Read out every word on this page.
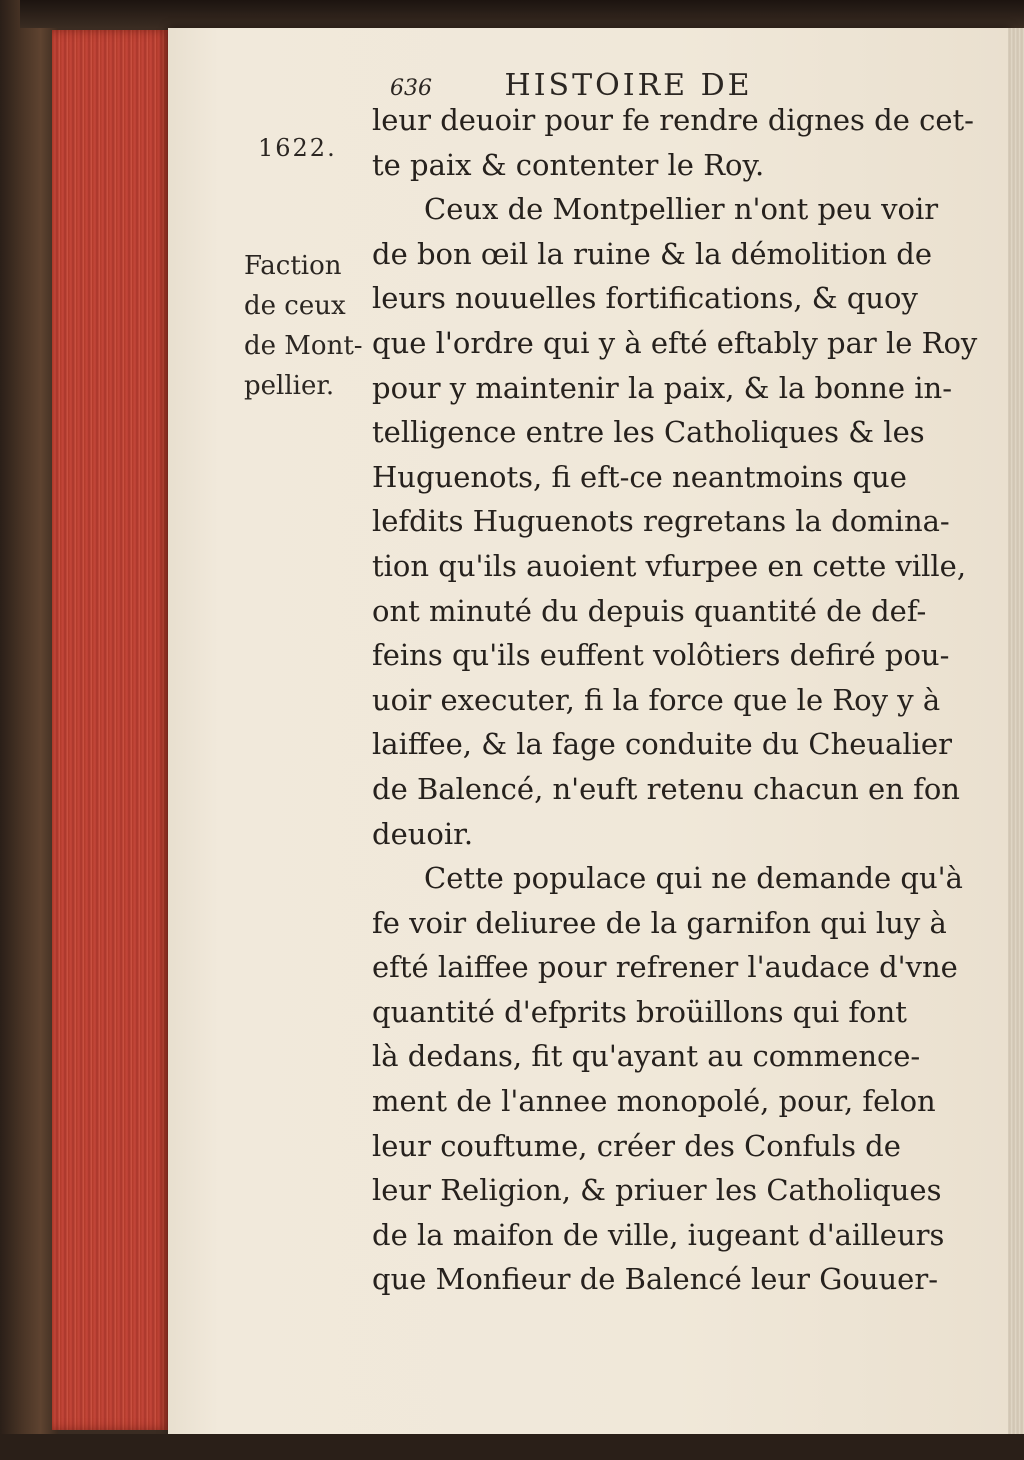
636 HISTOIRE DE
1622.
Faction
de ceux
de Mont-
pellier.
leur deuoir pour fe rendre dignes de cet-
te paix & contenter le Roy.
Ceux de Montpellier n'ont peu voir
de bon œil la ruine & la démolition de
leurs nouuelles fortifications, & quoy
que l'ordre qui y à efté eftably par le Roy
pour y maintenir la paix, & la bonne in-
telligence entre les Catholiques & les
Huguenots, fi eft-ce neantmoins que
lefdits Huguenots regretans la domina-
tion qu'ils auoient vfurpee en cette ville,
ont minuté du depuis quantité de def-
feins qu'ils euffent volôtiers defiré pou-
uoir executer, fi la force que le Roy y à
laiffee, & la fage conduite du Cheualier
de Balencé, n'euft retenu chacun en fon
deuoir.
Cette populace qui ne demande qu'à
fe voir deliuree de la garnifon qui luy à
efté laiffee pour refrener l'audace d'vne
quantité d'efprits broüillons qui font
là dedans, fit qu'ayant au commence-
ment de l'annee monopolé, pour, felon
leur couftume, créer des Confuls de
leur Religion, & priuer les Catholiques
de la maifon de ville, iugeant d'ailleurs
que Monfieur de Balencé leur Gouuer-
